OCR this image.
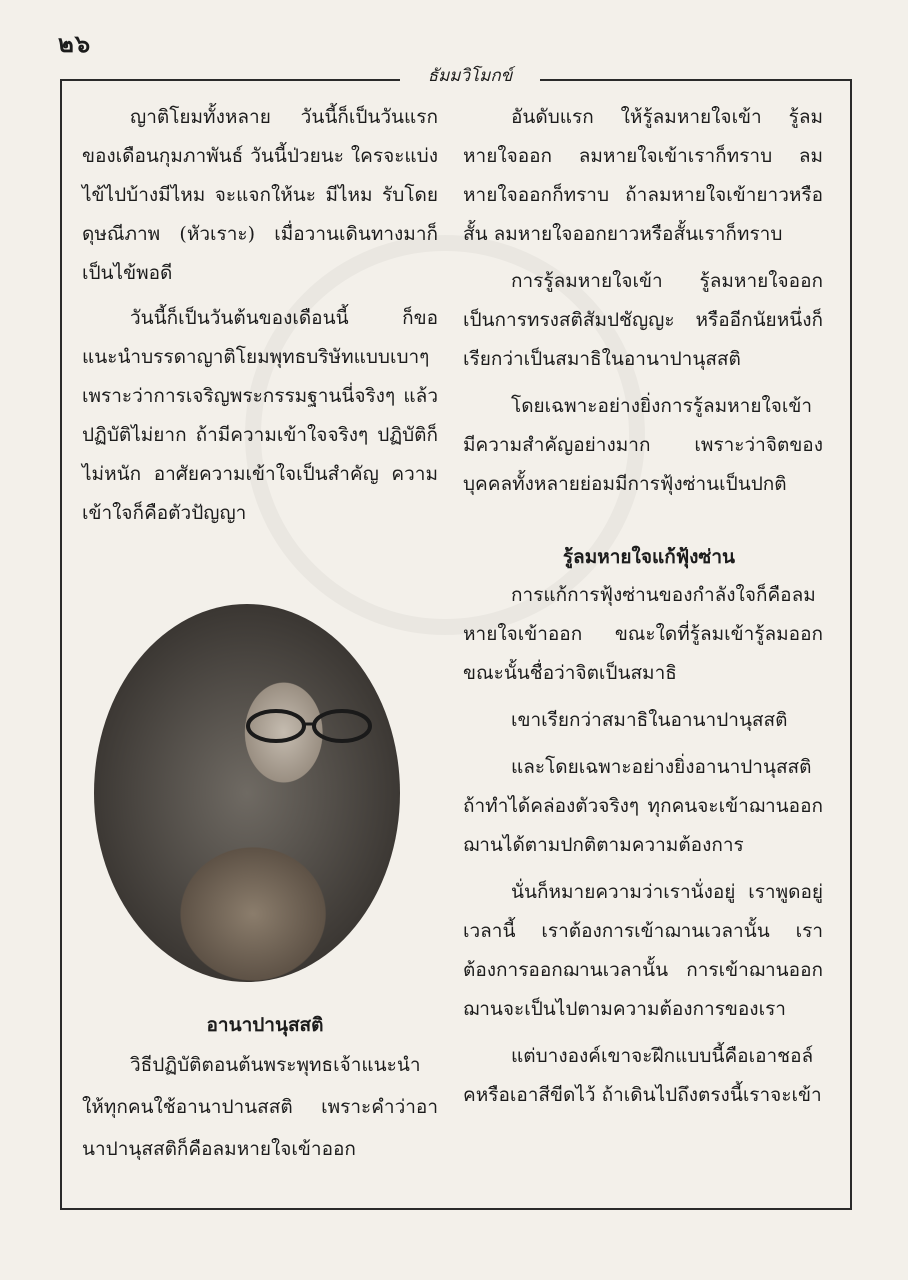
๒๖
ธัมมวิโมกข์

ญาติโยมทั้งหลาย วันนี้ก็เป็นวันแรกของเดือนกุมภาพันธ์ วันนี้ป่วยนะ ใครจะแบ่งไข้ไปบ้างมีไหม จะแจกให้นะ มีไหม รับโดยดุษณีภาพ (หัวเราะ) เมื่อวานเดินทางมาก็เป็นไข้พอดี

วันนี้ก็เป็นวันต้นของเดือนนี้ ก็ขอแนะนำบรรดาญาติโยมพุทธบริษัทแบบเบาๆ เพราะว่าการเจริญพระกรรมฐานนี่จริงๆ แล้วปฏิบัติไม่ยาก ถ้ามีความเข้าใจจริงๆ ปฏิบัติก็ไม่หนัก อาศัยความเข้าใจเป็นสำคัญ ความเข้าใจก็คือตัวปัญญา

อานาปานุสสติ

วิธีปฏิบัติตอนต้นพระพุทธเจ้าแนะนำให้ทุกคนใช้อานาปานสสติ เพราะคำว่าอานาปานุสสติก็คือลมหายใจเข้าออก

อันดับแรก ให้รู้ลมหายใจเข้า รู้ลมหายใจออก ลมหายใจเข้าเราก็ทราบ ลมหายใจออกก็ทราบ ถ้าลมหายใจเข้ายาวหรือสั้น ลมหายใจออกยาวหรือสั้นเราก็ทราบ

การรู้ลมหายใจเข้า รู้ลมหายใจออกเป็นการทรงสติสัมปชัญญะ หรืออีกนัยหนึ่งก็เรียกว่าเป็นสมาธิในอานาปานุสสติ

โดยเฉพาะอย่างยิ่งการรู้ลมหายใจเข้ามีความสำคัญอย่างมาก เพราะว่าจิตของบุคคลทั้งหลายย่อมมีการฟุ้งซ่านเป็นปกติ

รู้ลมหายใจแก้ฟุ้งซ่าน

การแก้การฟุ้งซ่านของกำลังใจก็คือลมหายใจเข้าออก ขณะใดที่รู้ลมเข้ารู้ลมออก ขณะนั้นชื่อว่าจิตเป็นสมาธิ

เขาเรียกว่าสมาธิในอานาปานุสสติ

และโดยเฉพาะอย่างยิ่งอานาปานุสสติถ้าทำได้คล่องตัวจริงๆ ทุกคนจะเข้าฌานออกฌานได้ตามปกติตามความต้องการ

นั่นก็หมายความว่าเรานั่งอยู่ เราพูดอยู่เวลานี้ เราต้องการเข้าฌานเวลานั้น เราต้องการออกฌานเวลานั้น การเข้าฌานออกฌานจะเป็นไปตามความต้องการของเรา

แต่บางองค์เขาจะฝึกแบบนี้คือเอาชอล์คหรือเอาสีขีดไว้ ถ้าเดินไปถึงตรงนี้เราจะเข้า
